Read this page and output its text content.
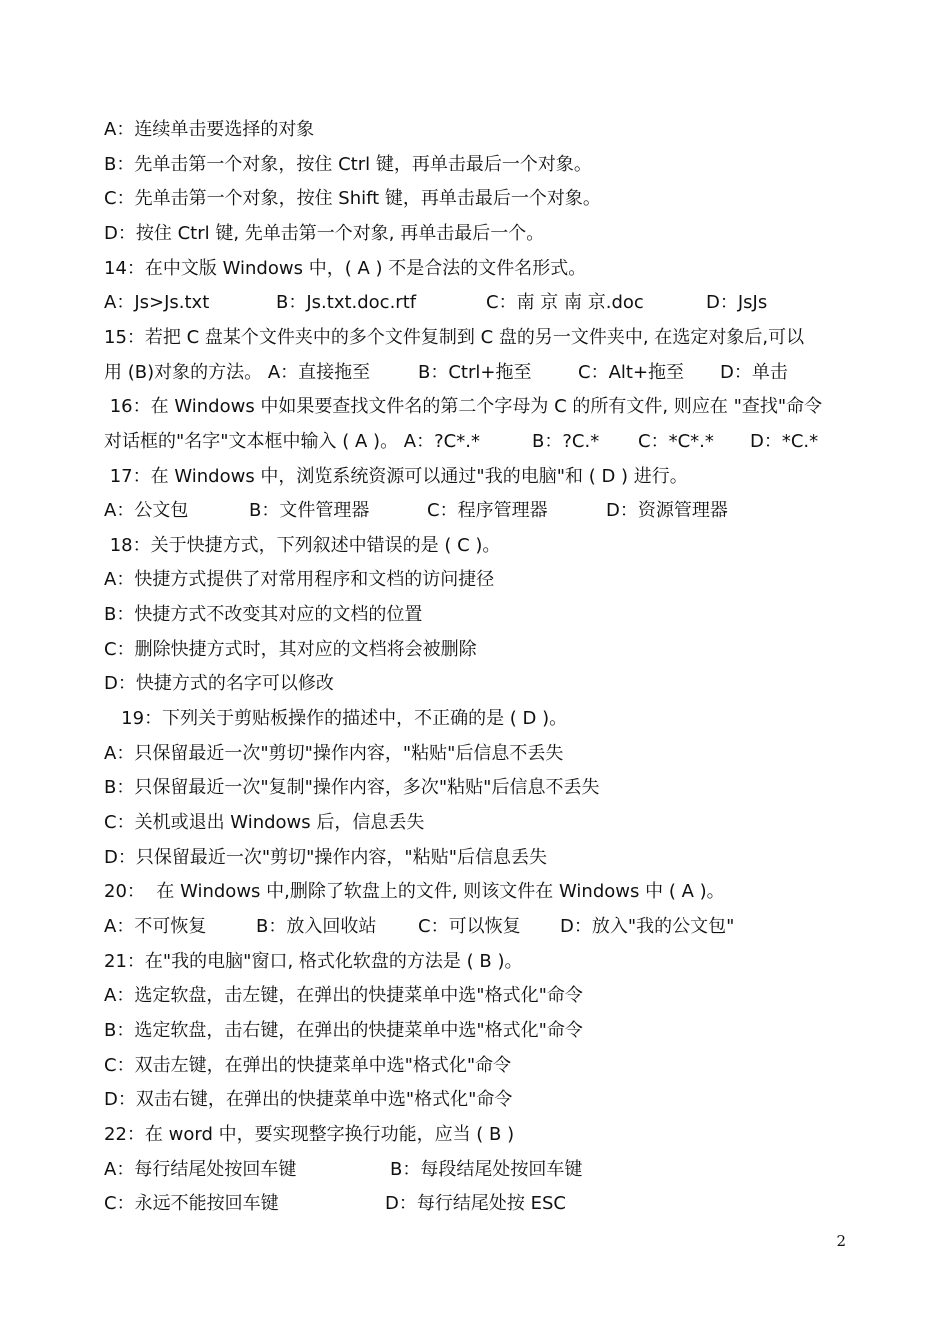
A：连续单击要选择的对象
B：先单击第一个对象，按住 Ctrl 键，再单击最后一个对象。
C：先单击第一个对象，按住 Shift 键，再单击最后一个对象。
D：按住 Ctrl 键, 先单击第一个对象, 再单击最后一个。
14：在中文版 Windows 中，( A ) 不是合法的文件名形式。
A：Js>Js.txt	B：Js.txt.doc.rtf	C：南 京 南 京.doc	D：JsJs
15：若把 C 盘某个文件夹中的多个文件复制到 C 盘的另一文件夹中, 在选定对象后,可以
用 (B)对象的方法。 A：直接拖至	B：Ctrl+拖至	C：Alt+拖至 D：单击
16：在 Windows 中如果要查找文件名的第二个字母为 C 的所有文件, 则应在 "查找"命令
对话框的"名字"文本框中输入 ( A )。 A：?C*.*	B：?C.* C：*C*.* D：*C.*
17：在 Windows 中，浏览系统资源可以通过"我的电脑"和 ( D ) 进行。
A：公文包	B：文件管理器	C：程序管理器	D：资源管理器
18：关于快捷方式，下列叙述中错误的是 ( C )。
A：快捷方式提供了对常用程序和文档的访问捷径
B：快捷方式不改变其对应的文档的位置
C：删除快捷方式时，其对应的文档将会被删除
D：快捷方式的名字可以修改
19：下列关于剪贴板操作的描述中，不正确的是 ( D )。
A：只保留最近一次"剪切"操作内容，"粘贴"后信息不丢失
B：只保留最近一次"复制"操作内容，多次"粘贴"后信息不丢失
C：关机或退出 Windows 后，信息丢失
D：只保留最近一次"剪切"操作内容，"粘贴"后信息丢失
20：  在 Windows 中,删除了软盘上的文件, 则该文件在 Windows 中 ( A )。
A：不可恢复	B：放入回收站 C：可以恢复 D：放入"我的公文包"
21：在"我的电脑"窗口, 格式化软盘的方法是 ( B )。
A：选定软盘，击左键，在弹出的快捷菜单中选"格式化"命令
B：选定软盘，击右键，在弹出的快捷菜单中选"格式化"命令
C：双击左键，在弹出的快捷菜单中选"格式化"命令
D：双击右键，在弹出的快捷菜单中选"格式化"命令
22：在 word 中，要实现整字换行功能，应当 ( B )
A：每行结尾处按回车键	B：每段结尾处按回车键
C：永远不能按回车键	D：每行结尾处按 ESC
2
